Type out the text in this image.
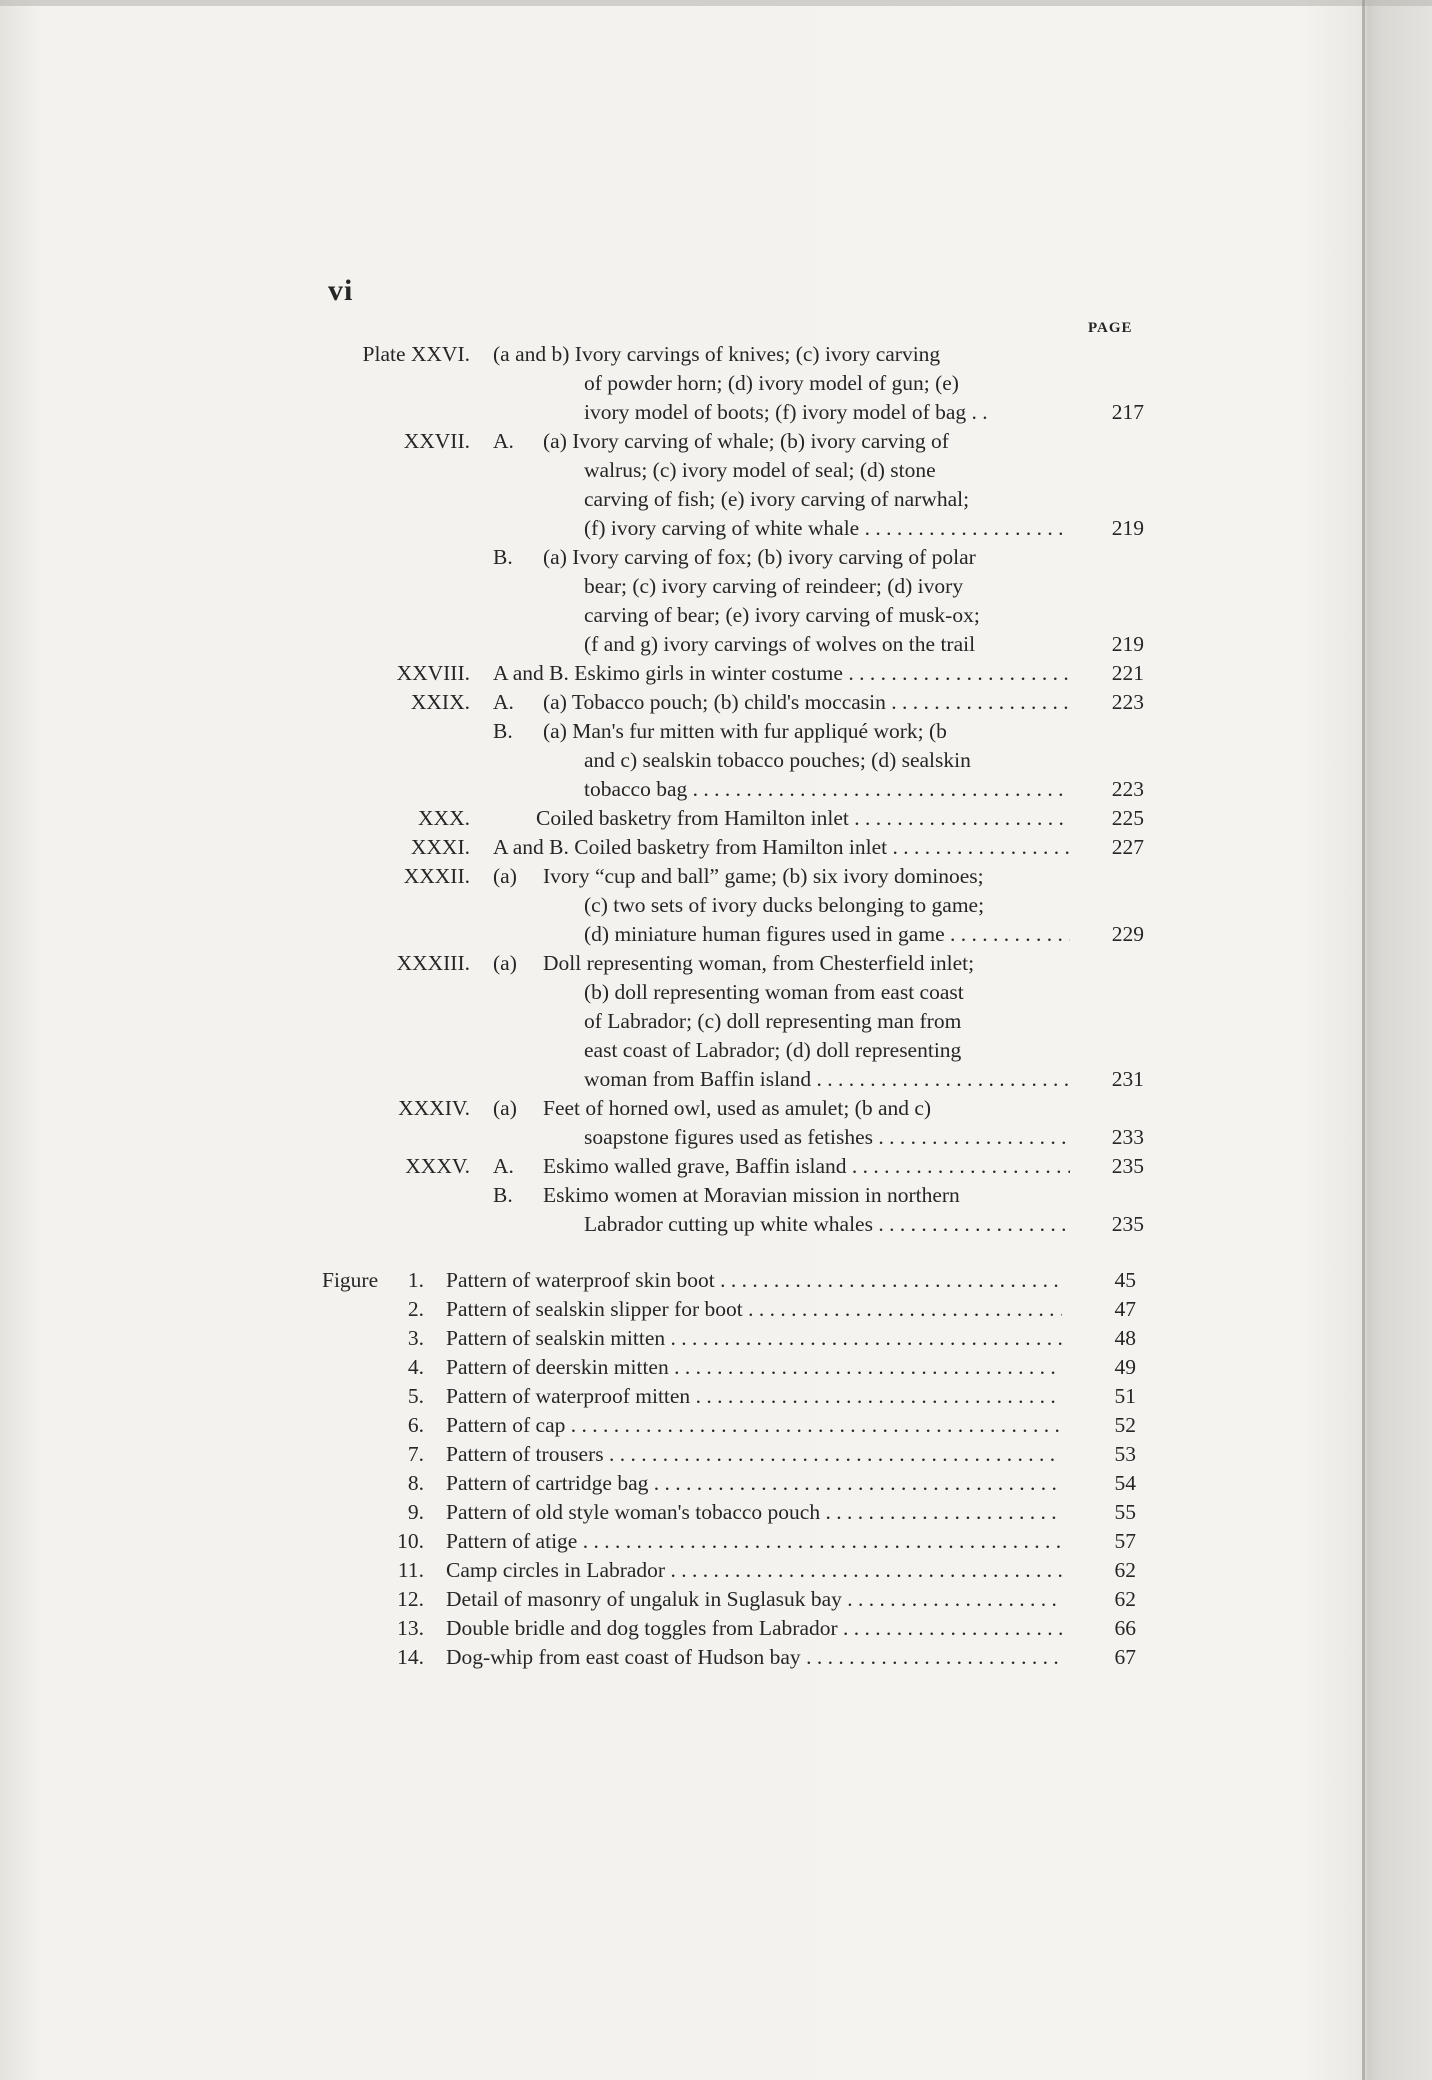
vi
PAGE
Plate XXVI. (a and b) Ivory carvings of knives; (c) ivory carving
of powder horn; (d) ivory model of gun; (e)
ivory model of boots; (f) ivory model of bag . .	217
XXVII. A. (a) Ivory carving of whale; (b) ivory carving of
walrus; (c) ivory model of seal; (d) stone
carving of fish; (e) ivory carving of narwhal;
(f) ivory carving of white whale . . .	219
B. (a) Ivory carving of fox; (b) ivory carving of polar
bear; (c) ivory carving of reindeer; (d) ivory
carving of bear; (e) ivory carving of musk-ox;
(f and g) ivory carvings of wolves on the trail	219
XXVIII. A and B. Eskimo girls in winter costume . . .	221
XXIX. A. (a) Tobacco pouch; (b) child's moccasin . . .	223
B. (a) Man's fur mitten with fur appliqué work; (b
and c) sealskin tobacco pouches; (d) sealskin
tobacco bag . . .	223
XXX.	Coiled basketry from Hamilton inlet . . .	225
XXXI. A and B. Coiled basketry from Hamilton inlet . . .	227
XXXII. (a) Ivory “cup and ball” game; (b) six ivory dominoes;
(c) two sets of ivory ducks belonging to game;
(d) miniature human figures used in game . . .	229
XXXIII. (a) Doll representing woman, from Chesterfield inlet;
(b) doll representing woman from east coast
of Labrador; (c) doll representing man from
east coast of Labrador; (d) doll representing
woman from Baffin island . . .	231
XXXIV. (a) Feet of horned owl, used as amulet; (b and c)
soapstone figures used as fetishes . . .	233
XXXV. A. Eskimo walled grave, Baffin island . . .	235
B. Eskimo women at Moravian mission in northern
Labrador cutting up white whales . . .	235
Figure	1. Pattern of waterproof skin boot . . .	45
2. Pattern of sealskin slipper for boot . . .	47
3. Pattern of sealskin mitten . . .	48
4. Pattern of deerskin mitten . . .	49
5. Pattern of waterproof mitten . . .	51
6. Pattern of cap . . .	52
7. Pattern of trousers . . .	53
8. Pattern of cartridge bag . . .	54
9. Pattern of old style woman's tobacco pouch . . .	55
10. Pattern of atige . . .	57
11. Camp circles in Labrador . . .	62
12. Detail of masonry of ungaluk in Suglasuk bay . . .	62
13. Double bridle and dog toggles from Labrador . . .	66
14. Dog-whip from east coast of Hudson bay . . .	67
